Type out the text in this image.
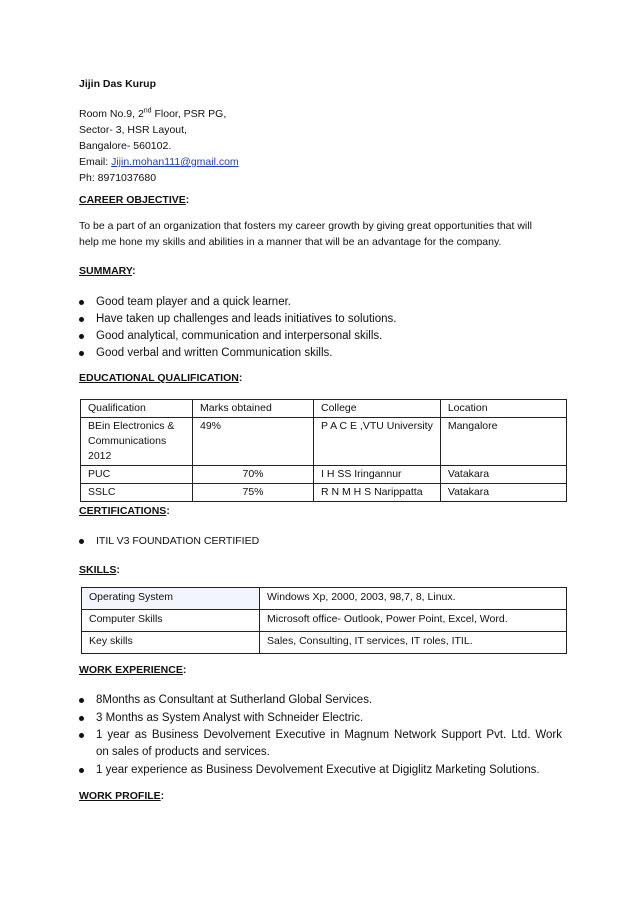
Jijin Das Kurup
Room No.9, 2nd Floor, PSR PG,
Sector- 3, HSR Layout,
Bangalore- 560102.
Email: Jijin.mohan111@gmail.com
Ph: 8971037680
CAREER OBJECTIVE:
To be a part of an organization that fosters my career growth by giving great opportunities that will
help me hone my skills and abilities in a manner that will be an advantage for the company.
SUMMARY:
Good team player and a quick learner.
Have taken up challenges and leads initiatives to solutions.
Good analytical, communication and interpersonal skills.
Good verbal and written Communication skills.
EDUCATIONAL QUALIFICATION:
Qualification	Marks obtained	College	Location

BEin Electronics &
Communications
2012	49%	P A C E ,VTU University	Mangalore
PUC	70%	I H SS Iringannur	Vatakara
SSLC	75%	R N M H S Narippatta	Vatakara
CERTIFICATIONS:
ITIL V3 FOUNDATION CERTIFIED
SKILLS:
Operating System	Windows Xp, 2000, 2003, 98,7, 8, Linux.
Computer Skills	Microsoft office- Outlook, Power Point, Excel, Word.
Key skills	Sales, Consulting, IT services, IT roles, ITIL.
WORK EXPERIENCE:
8Months as Consultant at Sutherland Global Services.
3 Months as System Analyst with Schneider Electric.
1 year as Business Devolvement Executive in Magnum Network Support Pvt. Ltd. Work
on sales of products and services.
1 year experience as Business Devolvement Executive at Digiglitz Marketing Solutions.
WORK PROFILE:
